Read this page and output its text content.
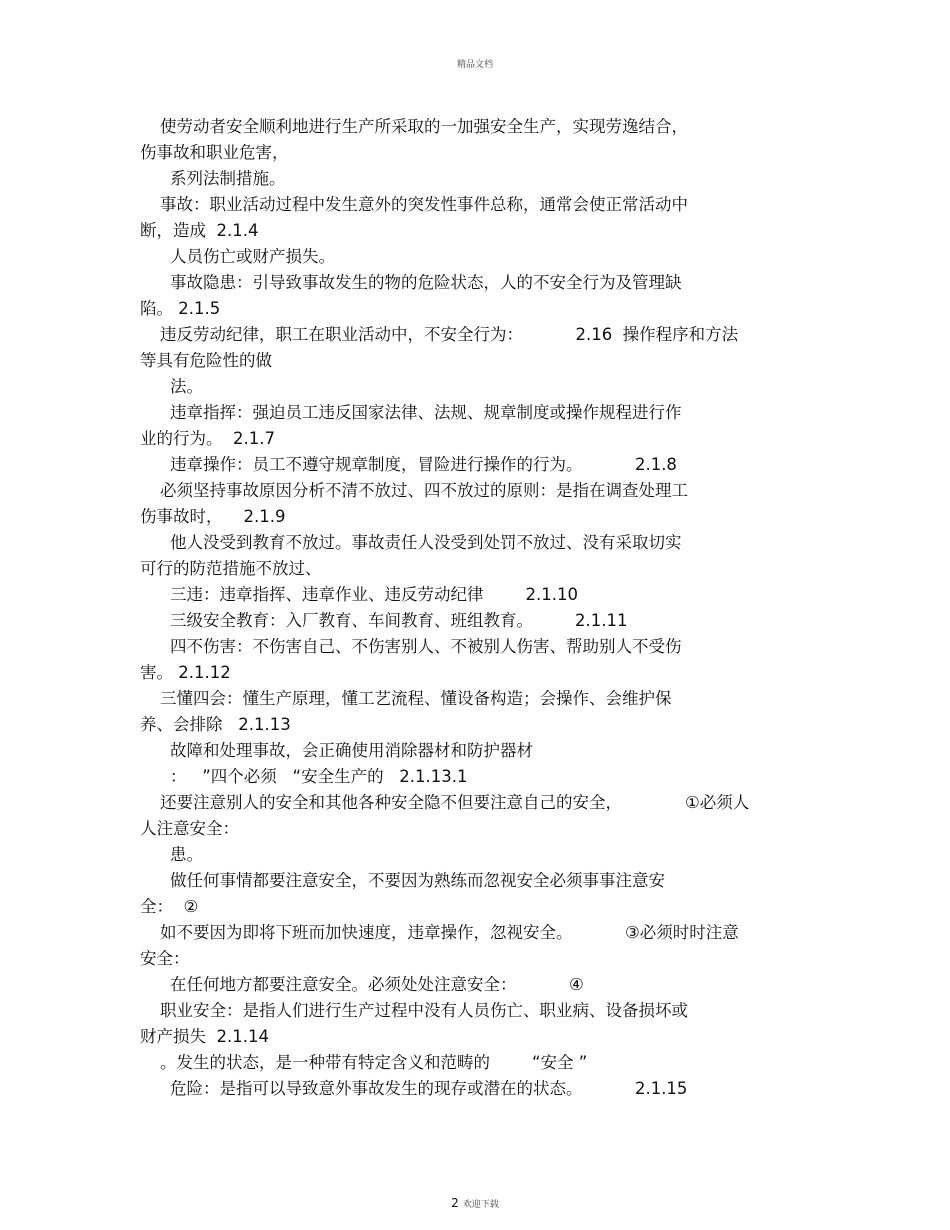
精品文档
使劳动者安全顺利地进行生产所采取的一加强安全生产，实现劳逸结合，
伤事故和职业危害，
系列法制措施。
事故：职业活动过程中发生意外的突发性事件总称，通常会使正常活动中
断，造成  2.1.4
人员伤亡或财产损失。
事故隐患：引导致事故发生的物的危险状态，人的不安全行为及管理缺
陷。 2.1.5
违反劳动纪律，职工在职业活动中，不安全行为：          2.16  操作程序和方法
等具有危险性的做
法。
违章指挥：强迫员工违反国家法律、法规、规章制度或操作规程进行作
业的行为。  2.1.7
违章操作：员工不遵守规章制度，冒险进行操作的行为。          2.1.8
必须坚持事故原因分析不清不放过、四不放过的原则：是指在调查处理工
伤事故时，    2.1.9
他人没受到教育不放过。事故责任人没受到处罚不放过、没有采取切实
可行的防范措施不放过、
三违：违章指挥、违章作业、违反劳动纪律        2.1.10
三级安全教育：入厂教育、车间教育、班组教育。        2.1.11
四不伤害：不伤害自己、不伤害别人、不被别人伤害、帮助别人不受伤
害。 2.1.12
三懂四会：懂生产原理，懂工艺流程、懂设备构造；会操作、会维护保
养、会排除   2.1.13
故障和处理事故，会正确使用消除器材和防护器材
：   ”四个必须   “安全生产的   2.1.13.1
还要注意别人的安全和其他各种安全隐不但要注意自己的安全，            ①必须人
人注意安全：
患。
做任何事情都要注意安全，不要因为熟练而忽视安全必须事事注意安
全：  ②
如不要因为即将下班而加快速度，违章操作，忽视安全。          ③必须时时注意
安全：
在任何地方都要注意安全。必须处处注意安全：          ④
职业安全：是指人们进行生产过程中没有人员伤亡、职业病、设备损坏或
财产损失  2.1.14
。发生的状态，是一种带有特定含义和范畴的        “安全 ”
危险：是指可以导致意外事故发生的现存或潜在的状态。          2.1.15
2 欢迎下载
